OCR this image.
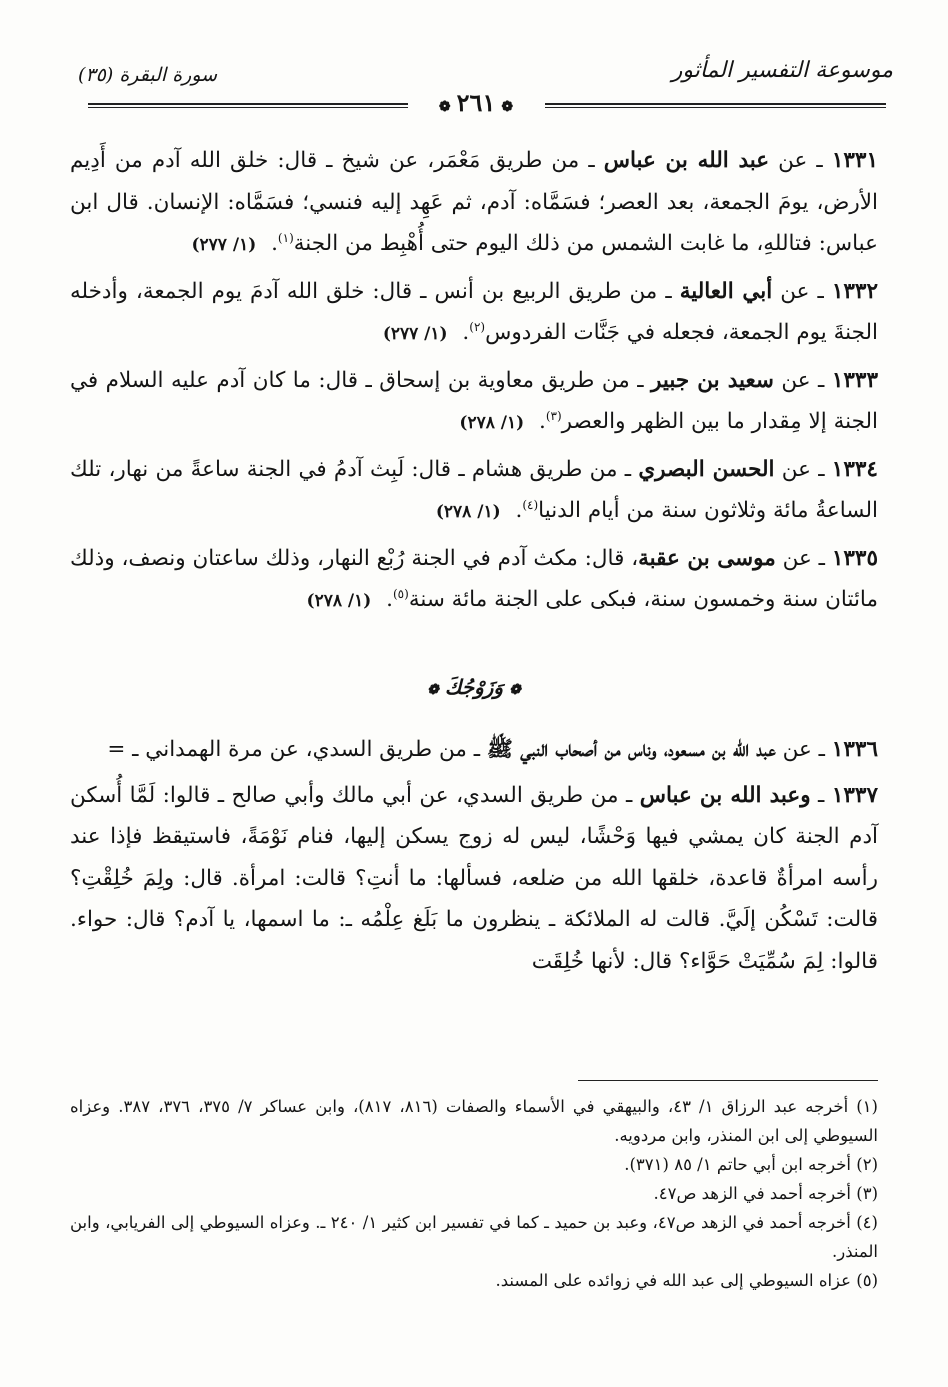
موسوعة التفسير المأثور
سورة البقرة (٣٥)
❁٢٦١❁

١٣٣١ ـ عن عبد الله بن عباس ـ من طريق مَعْمَر، عن شيخ ـ قال: خلق الله آدم من أَدِيم الأرض، يومَ الجمعة، بعد العصر؛ فسَمَّاه: آدم، ثم عَهِد إليه فنسي؛ فسَمَّاه: الإنسان. قال ابن عباس: فتاللهِ، ما غابت الشمس من ذلك اليوم حتى أُهْبِط من الجنة$^{(١)}$. (١/ ٢٧٧)

١٣٣٢ ـ عن أبي العالية ـ من طريق الربيع بن أنس ـ قال: خلق الله آدمَ يوم الجمعة، وأدخله الجنةَ يوم الجمعة، فجعله في جَنَّات الفردوس$^{(٢)}$. (١/ ٢٧٧)

١٣٣٣ ـ عن سعيد بن جبير ـ من طريق معاوية بن إسحاق ـ قال: ما كان آدم عليه السلام في الجنة إلا مِقدار ما بين الظهر والعصر$^{(٣)}$. (١/ ٢٧٨)

١٣٣٤ ـ عن الحسن البصري ـ من طريق هشام ـ قال: لَبِث آدمُ في الجنة ساعةً من نهار، تلك الساعةُ مائة وثلاثون سنة من أيام الدنيا$^{(٤)}$. (١/ ٢٧٨)

١٣٣٥ ـ عن موسى بن عقبة، قال: مكث آدم في الجنة رُبْع النهار، وذلك ساعتان ونصف، وذلك مائتان سنة وخمسون سنة، فبكى على الجنة مائة سنة$^{(٥)}$. (١/ ٢٧٨)

❁وَزَوْجُكَ❁

١٣٣٦ ـ عن عبد الله بن مسعود، وناس من أصحاب النبي ﷺ ـ من طريق السدي، عن مرة الهمداني ـ =

١٣٣٧ ـ وعبد الله بن عباس ـ من طريق السدي، عن أبي مالك وأبي صالح ـ قالوا: لَمَّا أُسكن آدم الجنة كان يمشي فيها وَحْشًا، ليس له زوج يسكن إليها، فنام نَوْمَةً، فاستيقظ فإذا عند رأسه امرأةٌ قاعدة، خلقها الله من ضلعه، فسألها: ما أنتِ؟ قالت: امرأة. قال: ولِمَ خُلِقْتِ؟ قالت: تَسْكُن إلَيَّ. قالت له الملائكة ـ ينظرون ما بَلَغ عِلْمُه ـ: ما اسمها، يا آدم؟ قال: حواء. قالوا: لِمَ سُمِّيَتْ حَوَّاء؟ قال: لأنها خُلِقَت

(١) أخرجه عبد الرزاق ١/ ٤٣، والبيهقي في الأسماء والصفات (٨١٦، ٨١٧)، وابن عساكر ٧/ ٣٧٥، ٣٧٦، ٣٨٧. وعزاه السيوطي إلى ابن المنذر، وابن مردويه.
(٢) أخرجه ابن أبي حاتم ١/ ٨٥ (٣٧١).
(٣) أخرجه أحمد في الزهد ص٤٧.
(٤) أخرجه أحمد في الزهد ص٤٧، وعبد بن حميد ـ كما في تفسير ابن كثير ١/ ٢٤٠ ـ. وعزاه السيوطي إلى الفريابي، وابن المنذر.
(٥) عزاه السيوطي إلى عبد الله في زوائده على المسند.
